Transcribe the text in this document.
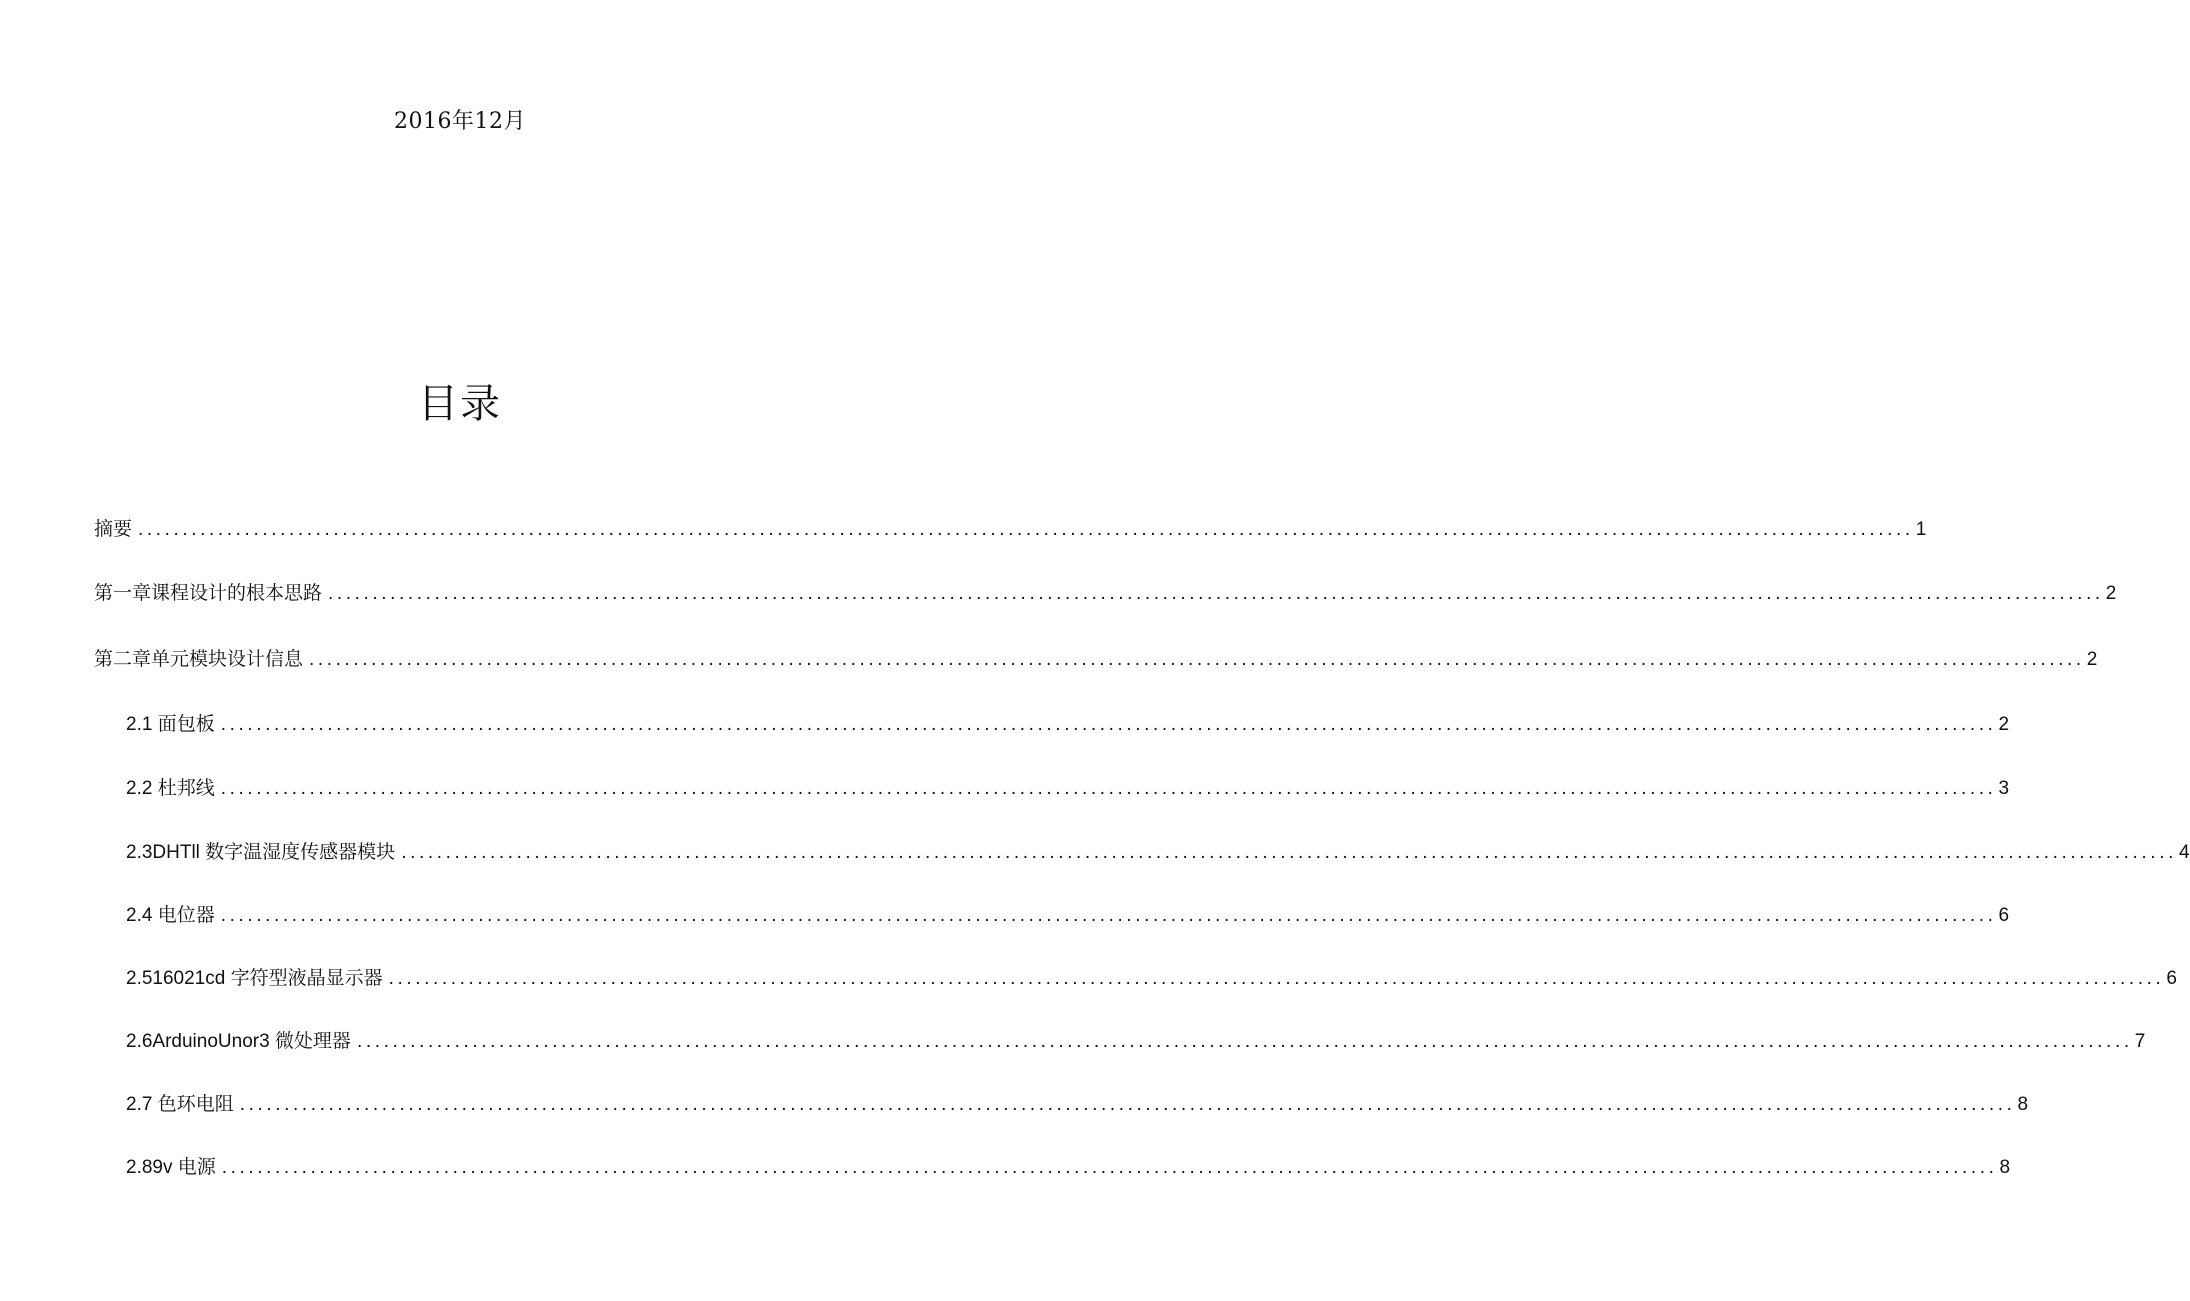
2016年12月
目录
摘要 ........................................................................................................................................................................................................ 1
第一章课程设计的根本思路 ........................................................................................................................................................................................................ 2
第二章单元模块设计信息 ........................................................................................................................................................................................................ 2
2.1 面包板 ........................................................................................................................................................................................................ 2
2.2 杜邦线 ........................................................................................................................................................................................................ 3
2.3DHTll 数字温湿度传感器模块 ........................................................................................................................................................................................................ 4
2.4 电位器 ........................................................................................................................................................................................................ 6
2.516021cd 字符型液晶显示器 ........................................................................................................................................................................................................ 6
2.6ArduinoUnor3 微处理器 ........................................................................................................................................................................................................ 7
2.7 色环电阻 ........................................................................................................................................................................................................ 8
2.89v 电源 ........................................................................................................................................................................................................ 8
